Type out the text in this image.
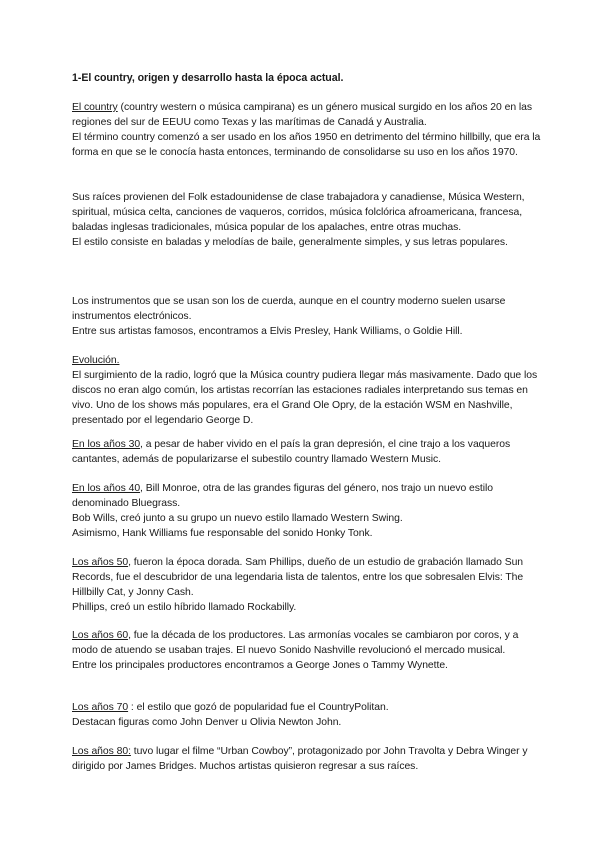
1-El country, origen y desarrollo hasta la época actual.

El country (country western o música campirana) es un género musical surgido en los años 20 en las regiones del sur de EEUU como Texas y las marítimas de Canadá y Australia.

El término country comenzó a ser usado en los años 1950 en detrimento del término hillbilly, que era la forma en que se le conocía hasta entonces, terminando de consolidarse su uso en los años 1970.

Sus raíces provienen del Folk estadounidense de clase trabajadora y canadiense, Música Western, spiritual, música celta, canciones de vaqueros, corridos, música folclórica afroamericana, francesa, baladas inglesas tradicionales, música popular de los apalaches, entre otras muchas.

El estilo consiste en baladas y melodías de baile, generalmente simples, y sus letras populares.

Los instrumentos que se usan son los de cuerda, aunque en el country moderno suelen usarse instrumentos electrónicos.

Entre sus artistas famosos, encontramos a Elvis Presley, Hank Williams, o Goldie Hill.

Evolución.

El surgimiento de la radio, logró que la Música country pudiera llegar más masivamente. Dado que los discos no eran algo común, los artistas recorrían las estaciones radiales interpretando sus temas en vivo. Uno de los shows más populares, era el Grand Ole Opry, de la estación WSM en Nashville, presentado por el legendario George D.

En los años 30, a pesar de haber vivido en el país la gran depresión, el cine trajo a los vaqueros cantantes, además de popularizarse el subestilo country llamado Western Music.

En los años 40, Bill Monroe, otra de las grandes figuras del género, nos trajo un nuevo estilo denominado Bluegrass.

Bob Wills, creó junto a su grupo un nuevo estilo llamado Western Swing.

Asimismo, Hank Williams fue responsable del sonido Honky Tonk.

Los años 50, fueron la época dorada. Sam Phillips, dueño de un estudio de grabación llamado Sun Records, fue el descubridor de una legendaria lista de talentos, entre los que sobresalen Elvis: The Hillbilly Cat, y Jonny Cash.

Phillips, creó un estilo híbrido llamado Rockabilly.

Los años 60, fue la década de los productores. Las armonías vocales se cambiaron por coros, y a modo de atuendo se usaban trajes. El nuevo Sonido Nashville revolucionó el mercado musical.

Entre los principales productores encontramos a George Jones o Tammy Wynette.

Los años 70 : el estilo que gozó de popularidad fue el CountryPolitan.

Destacan figuras como John Denver u Olivia Newton John.

Los años 80: tuvo lugar el filme “Urban Cowboy”, protagonizado por John Travolta y Debra Winger y dirigido por James Bridges. Muchos artistas quisieron regresar a sus raíces.
